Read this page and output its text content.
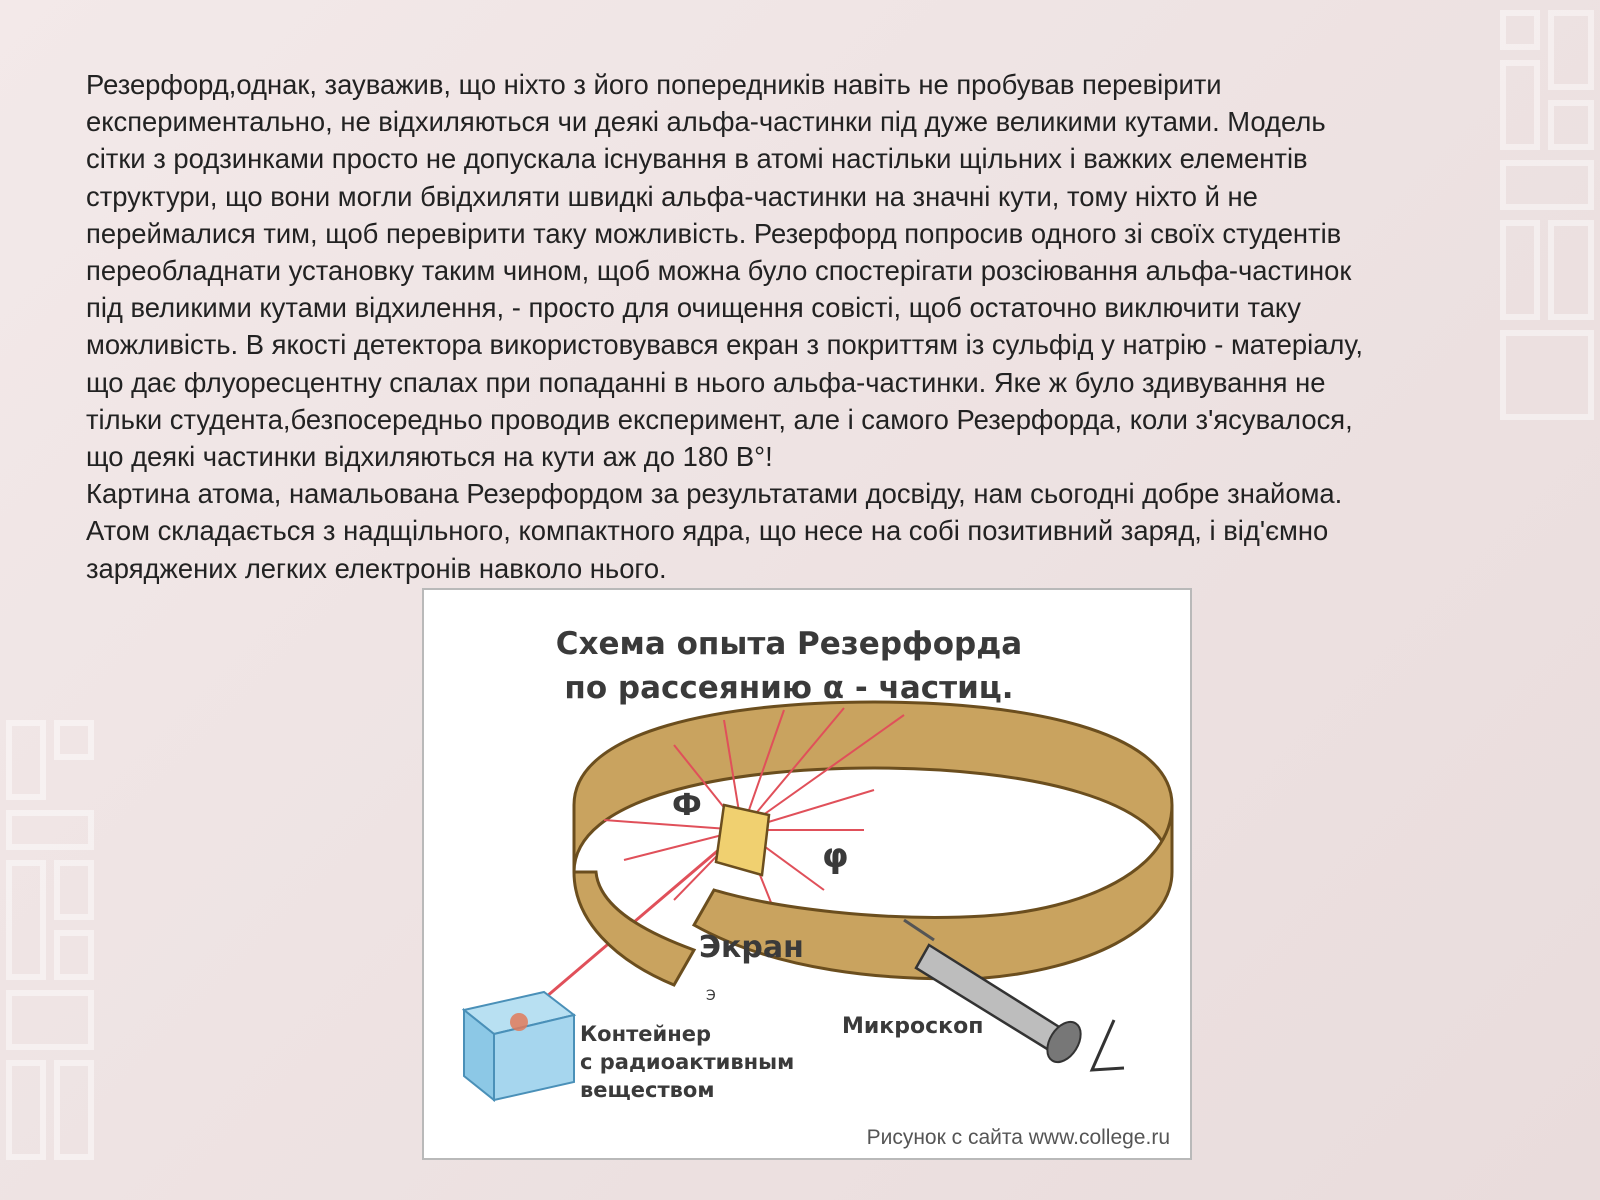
Резерфорд,однак, зауважив, що ніхто з його попередників навіть не пробував перевірити

експериментально, не відхиляються чи деякі альфа-частинки під дуже великими кутами. Модель

сітки з родзинками просто не допускала існування в атомі настільки щільних і важких елементів

структури, що вони могли бвідхиляти швидкі альфа-частинки на значні кути, тому ніхто й не

переймалися тим, щоб перевірити таку можливість. Резерфорд попросив одного зі своїх студентів

переобладнати установку таким чином, щоб можна було спостерігати розсіювання альфа-частинок

під великими кутами відхилення, - просто для очищення совісті, щоб остаточно виключити таку

можливість. В якості детектора використовувався екран з покриттям із сульфід у натрію - матеріалу,

що дає флуоресцентну спалах при попаданні в нього альфа-частинки. Яке ж було здивування не

тільки студента,безпосередньо проводив експеримент, але і самого Резерфорда, коли з'ясувалося,

що деякі частинки відхиляються на кути аж до 180 В°!

Картина атома, намальована Резерфордом за результатами досвіду, нам сьогодні добре знайома.

Атом складається з надщільного, компактного ядра, що несе на собі позитивний заряд, і від'ємно

заряджених легких електронів навколо нього.

Схема опыта Резерфорда
по рассеянию α - частиц.
Ф
φ
Экран
Э
Контейнер
с радиоактивным
веществом
Микроскоп
Рисунок с сайта www.college.ru
